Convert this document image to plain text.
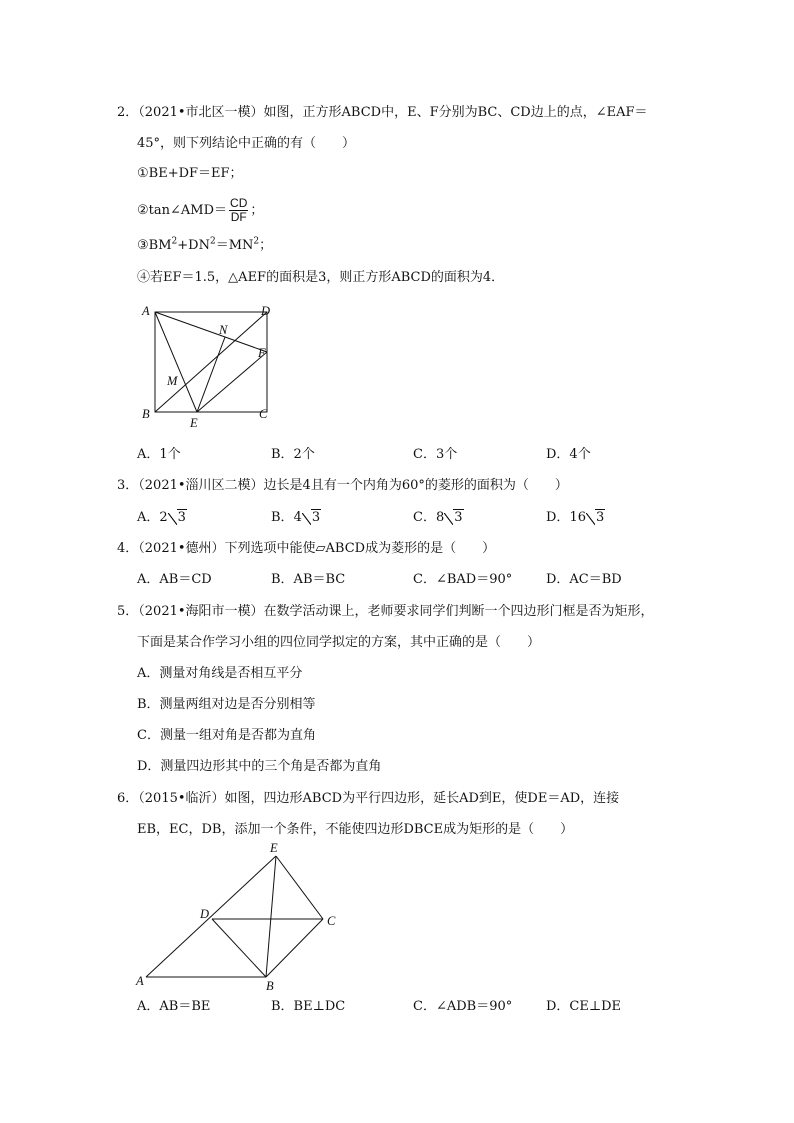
2．（2021•市北区一模）如图，正方形ABCD中，E、F分别为BC、CD边上的点，∠EAF＝
45°，则下列结论中正确的有（　　）
①BE+DF＝EF；
②tan∠AMD＝ $\frac{CD}{DF}$ ；
$③BM^2+DN^2=MN^2$；
④若EF＝1.5，△AEF的面积是3，则正方形ABCD的面积为4．
A
B	C
D
E
F
M
N
A．1个	B．2个	C．3个	D．4个
3．（2021•淄川区二模）边长是4且有一个内角为60°的菱形的面积为（　　）
A．2 3	B．4 3	C．8 3	D．16 3
4．（2021•德州）下列选项中能使▱ABCD成为菱形的是（　　）
A．AB＝CD	B．AB＝BC	C．∠BAD＝90°	D．AC＝BD
5．（2021•海阳市一模）在数学活动课上，老师要求同学们判断一个四边形门框是否为矩形，
下面是某合作学习小组的四位同学拟定的方案，其中正确的是（　　）
A．测量对角线是否相互平分
B．测量两组对边是否分别相等
C．测量一组对角是否都为直角
D．测量四边形其中的三个角是否都为直角
6．（2015•临沂）如图，四边形ABCD为平行四边形，延长AD到E，使DE＝AD，连接
EB，EC，DB，添加一个条件，不能使四边形DBCE成为矩形的是（　　）
A	B
C
D
E
A．AB＝BE	B．BE⊥DC	C．∠ADB＝90°	D．CE⊥DE
